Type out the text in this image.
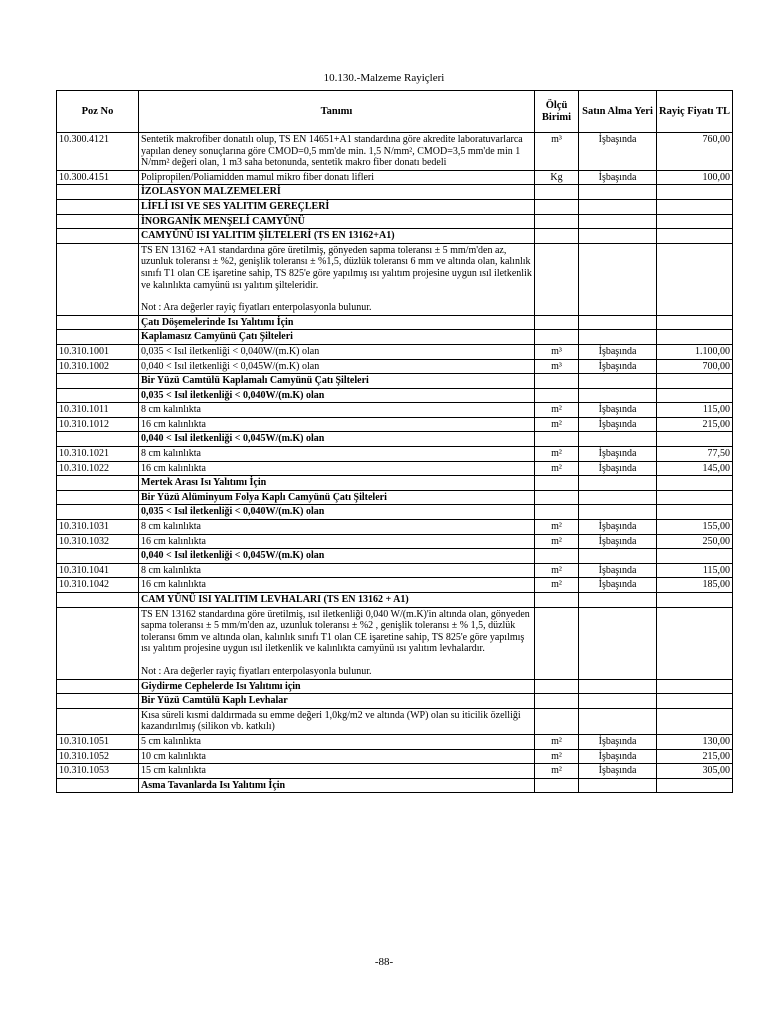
10.130.-Malzeme Rayiçleri
Poz No	Tanımı	Ölçü Birimi	Satın Alma Yeri	Rayiç Fiyatı TL
10.300.4121	Sentetik makrofiber donatılı olup, TS EN 14651+A1 standardına göre akredite laboratuvarlarca yapılan deney sonuçlarına göre CMOD=0,5 mm'de min. 1,5 N/mm², CMOD=3,5 mm'de min 1 N/mm² değeri olan, 1 m3 saha betonunda, sentetik makro fiber donatı bedeli	m³	İşbaşında	760,00
10.300.4151	Polipropilen/Poliamidden mamul mikro fiber donatı lifleri	Kg	İşbaşında	100,00
	İZOLASYON MALZEMELERİ			
	LİFLİ ISI VE SES YALITIM GEREÇLERİ			
	İNORGANİK MENŞELİ CAMYÜNÜ			
	CAMYÜNÜ ISI YALITIM ŞİLTELERİ (TS EN 13162+A1)			
	TS EN 13162 +A1 standardına göre üretilmiş, gönyeden sapma toleransı ± 5 mm/m'den az, uzunluk toleransı ± %2, genişlik toleransı ± %1,5, düzlük toleransı 6 mm ve altında olan, kalınlık sınıfı T1 olan CE işaretine sahip, TS 825'e göre yapılmış ısı yalıtım projesine uygun ısıl iletkenlik ve kalınlıkta camyünü ısı yalıtım şilteleridir.
Not : Ara değerler rayiç fiyatları enterpolasyonla bulunur.			

	Çatı Döşemelerinde Isı Yalıtımı İçin			
	Kaplamasız Camyünü Çatı Şilteleri			
10.310.1001	0,035 < Isıl iletkenliği < 0,040W/(m.K) olan	m³	İşbaşında	1.100,00
10.310.1002	0,040 < Isıl iletkenliği < 0,045W/(m.K) olan	m³	İşbaşında	700,00
	Bir Yüzü Camtülü Kaplamalı Camyünü Çatı Şilteleri			
	0,035 < Isıl iletkenliği < 0,040W/(m.K) olan			
10.310.1011	8 cm kalınlıkta	m²	İşbaşında	115,00
10.310.1012	16 cm kalınlıkta	m²	İşbaşında	215,00
	0,040 < Isıl iletkenliği < 0,045W/(m.K) olan			
10.310.1021	8 cm kalınlıkta	m²	İşbaşında	77,50
10.310.1022	16 cm kalınlıkta	m²	İşbaşında	145,00
	Mertek Arası Isı Yalıtımı İçin			
	Bir Yüzü Alüminyum Folya Kaplı Camyünü Çatı Şilteleri			
	0,035 < Isıl iletkenliği < 0,040W/(m.K) olan			
10.310.1031	8 cm kalınlıkta	m²	İşbaşında	155,00
10.310.1032	16 cm kalınlıkta	m²	İşbaşında	250,00
	0,040 < Isıl iletkenliği < 0,045W/(m.K) olan			
10.310.1041	8 cm kalınlıkta	m²	İşbaşında	115,00
10.310.1042	16 cm kalınlıkta	m²	İşbaşında	185,00
	CAM YÜNÜ ISI YALITIM LEVHALARI (TS EN 13162 + A1)			
	TS EN 13162 standardına göre üretilmiş, ısıl iletkenliği 0,040 W/(m.K)'in altında olan, gönyeden sapma toleransı ± 5 mm/m'den az, uzunluk toleransı ± %2 , genişlik toleransı ± % 1,5, düzlük toleransı 6mm ve altında olan, kalınlık sınıfı T1 olan CE işaretine sahip, TS 825'e göre yapılmış ısı yalıtım projesine uygun ısıl iletkenlik ve kalınlıkta camyünü ısı yalıtım levhalardır.
Not : Ara değerler rayiç fiyatları enterpolasyonla bulunur.			

	Giydirme Cephelerde Isı Yalıtımı için			
	Bir Yüzü Camtülü Kaplı Levhalar			
	Kısa süreli kısmi daldırmada su emme değeri 1,0kg/m2 ve altında (WP) olan su iticilik özelliği kazandırılmış (silikon vb. katkılı)			
10.310.1051	5 cm kalınlıkta	m²	İşbaşında	130,00
10.310.1052	10 cm kalınlıkta	m²	İşbaşında	215,00
10.310.1053	15 cm kalınlıkta	m²	İşbaşında	305,00
	Asma Tavanlarda Isı Yalıtımı İçin			
-88-
